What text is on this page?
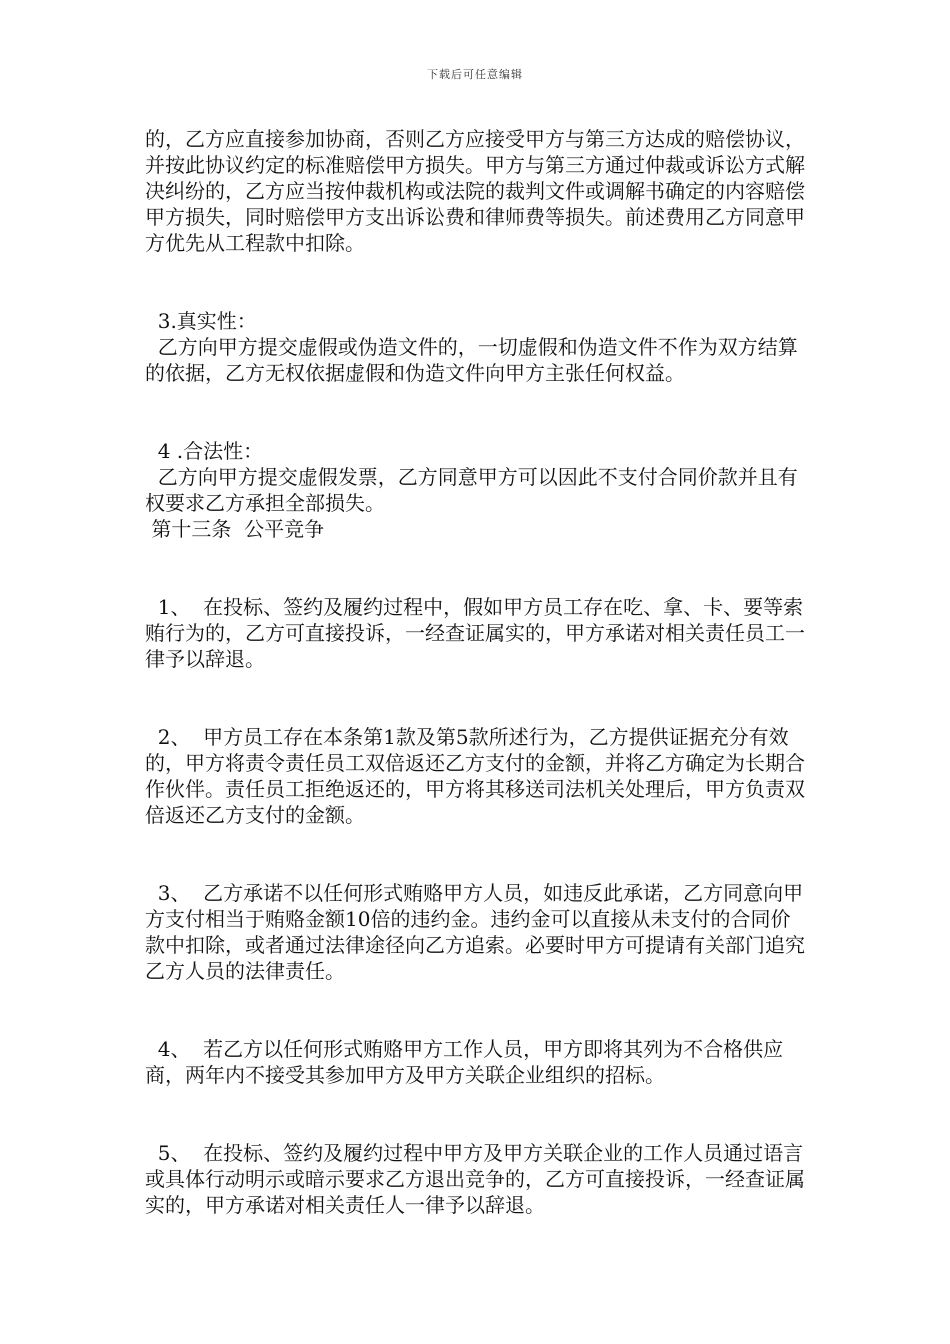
下载后可任意编辑

的，乙方应直接参加协商，否则乙方应接受甲方与第三方达成的赔偿协议，并按此协议约定的标准赔偿甲方损失。甲方与第三方通过仲裁或诉讼方式解决纠纷的，乙方应当按仲裁机构或法院的裁判文件或调解书确定的内容赔偿甲方损失，同时赔偿甲方支出诉讼费和律师费等损失。前述费用乙方同意甲方优先从工程款中扣除。

3.真实性：

乙方向甲方提交虚假或伪造文件的，一切虚假和伪造文件不作为双方结算的依据，乙方无权依据虚假和伪造文件向甲方主张任何权益。

4 .合法性：

乙方向甲方提交虚假发票，乙方同意甲方可以因此不支付合同价款并且有权要求乙方承担全部损失。

第十三条  公平竞争

1、  在投标、签约及履约过程中，假如甲方员工存在吃、拿、卡、要等索贿行为的，乙方可直接投诉，一经查证属实的，甲方承诺对相关责任员工一律予以辞退。

2、  甲方员工存在本条第1款及第5款所述行为，乙方提供证据充分有效的，甲方将责令责任员工双倍返还乙方支付的金额，并将乙方确定为长期合作伙伴。责任员工拒绝返还的，甲方将其移送司法机关处理后，甲方负责双倍返还乙方支付的金额。

3、  乙方承诺不以任何形式贿赂甲方人员，如违反此承诺，乙方同意向甲方支付相当于贿赂金额10倍的违约金。违约金可以直接从未支付的合同价款中扣除，或者通过法律途径向乙方追索。必要时甲方可提请有关部门追究乙方人员的法律责任。

4、  若乙方以任何形式贿赂甲方工作人员，甲方即将其列为不合格供应商，两年内不接受其参加甲方及甲方关联企业组织的招标。

5、  在投标、签约及履约过程中甲方及甲方关联企业的工作人员通过语言或具体行动明示或暗示要求乙方退出竞争的，乙方可直接投诉，一经查证属实的，甲方承诺对相关责任人一律予以辞退。
